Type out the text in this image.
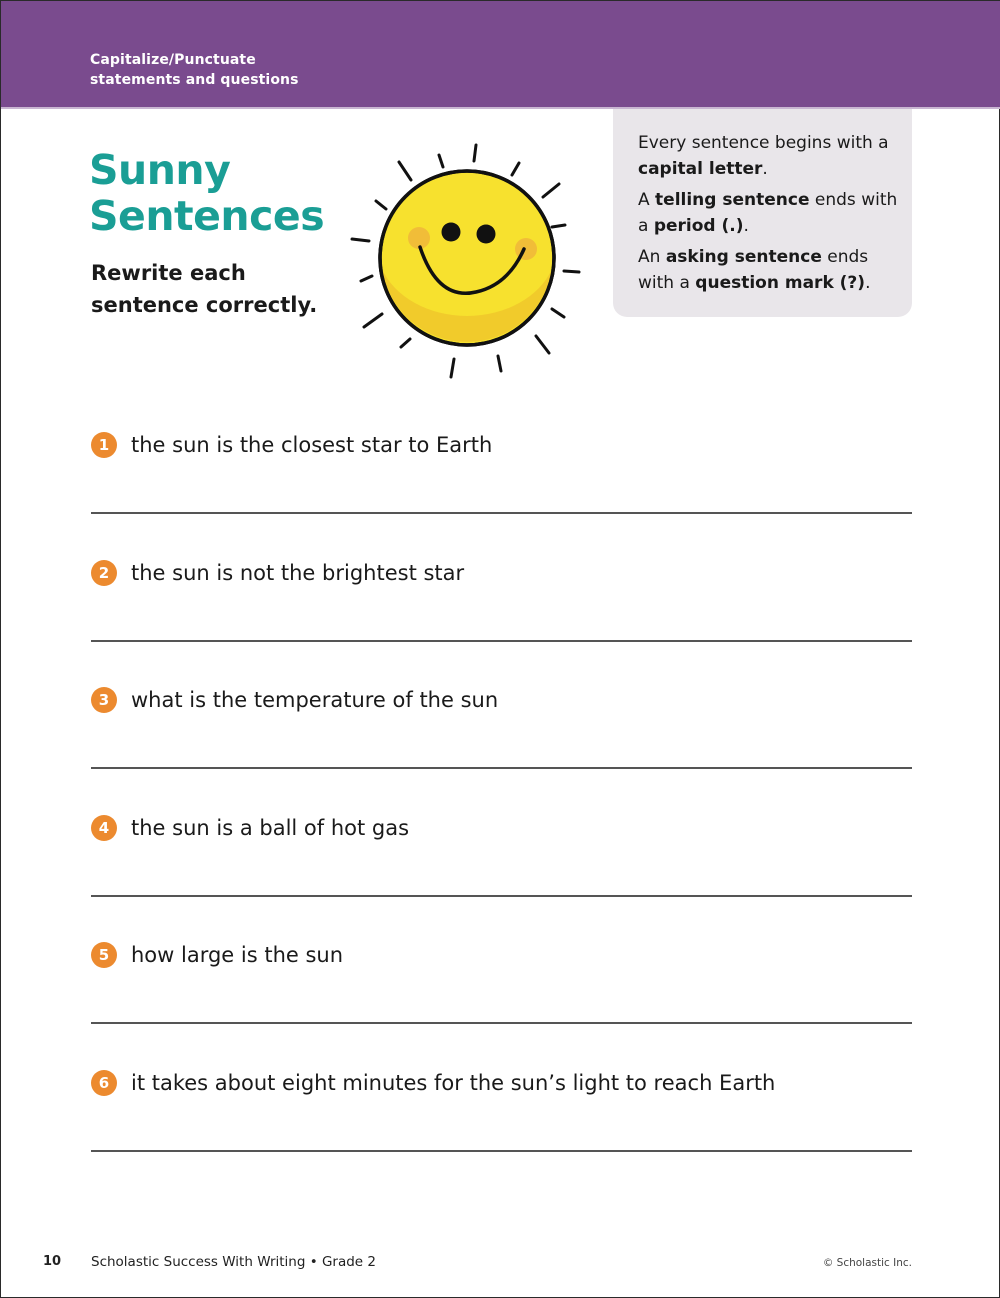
Capitalize/Punctuate
statements and questions
Sunny
Sentences
Rewrite each
sentence correctly.

Every sentence begins with a capital letter.

A telling sentence ends with a period (.).

An asking sentence ends with a question mark (?).

1	the sun is the closest star to Earth
2	the sun is not the brightest star
3	what is the temperature of the sun
4	the sun is a ball of hot gas
5	how large is the sun
6	it takes about eight minutes for the sun’s light to reach Earth
10 Scholastic Success With Writing • Grade 2	© Scholastic Inc.
